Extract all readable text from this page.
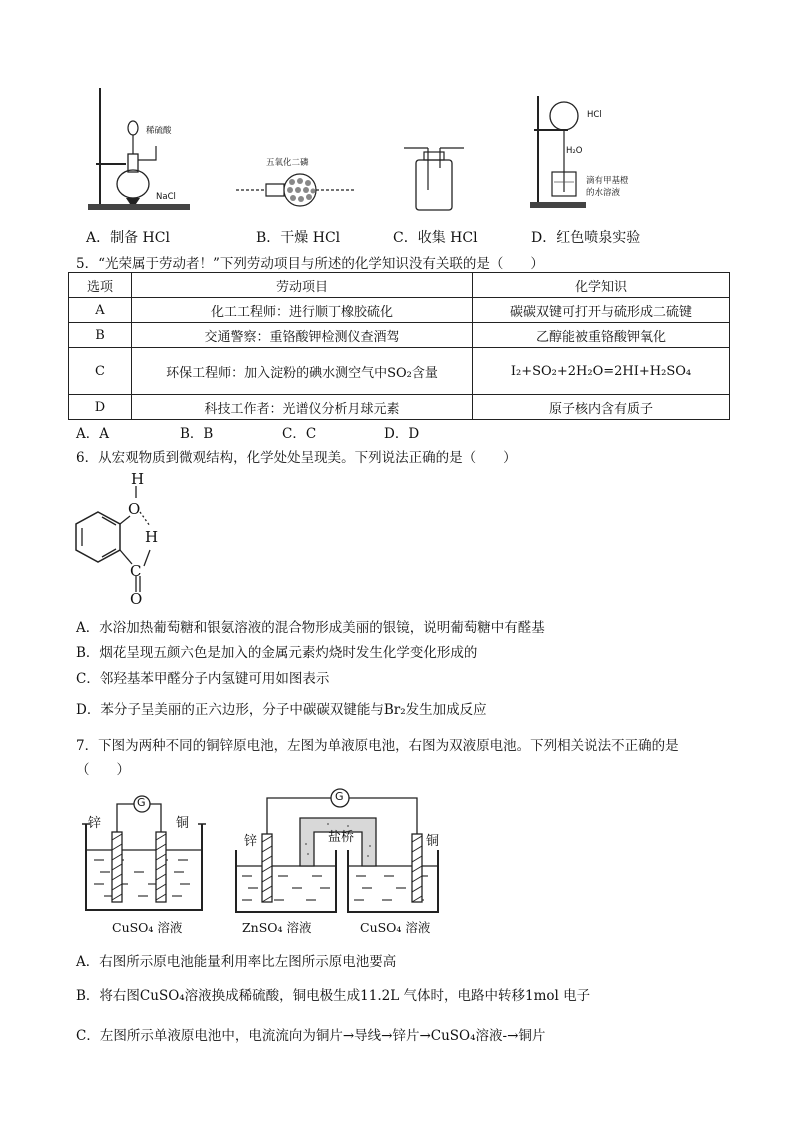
稀硫酸
NaCl
五氧化二磷
HCl
H₂O
滴有甲基橙
的水溶液
A．制备 HCl	B．干燥 HCl	C．收集 HCl	D．红色喷泉实验
5．“光荣属于劳动者！”下列劳动项目与所述的化学知识没有关联的是（　　）
选项	劳动项目	化学知识
A	化工工程师：进行顺丁橡胶硫化	碳碳双键可打开与硫形成二硫键
B	交通警察：重铬酸钾检测仪查酒驾	乙醇能被重铬酸钾氧化
C	环保工程师：加入淀粉的碘水测空气中SO₂含量	I₂+SO₂+2H₂O=2HI+H₂SO₄
D	科技工作者：光谱仪分析月球元素	原子核内含有质子
A．A	B．B	C．C	D．D
6．从宏观物质到微观结构，化学处处呈现美。下列说法正确的是（　　）
H
O
H
C
O
A．水浴加热葡萄糖和银氨溶液的混合物形成美丽的银镜，说明葡萄糖中有醛基
B．烟花呈现五颜六色是加入的金属元素灼烧时发生化学变化形成的
C．邻羟基苯甲醛分子内氢键可用如图表示
D．苯分子呈美丽的正六边形，分子中碳碳双键能与Br₂发生加成反应
7．下图为两种不同的铜锌原电池，左图为单液原电池，右图为双液原电池。下列相关说法不正确的是
（　　）
G	G
锌	铜
锌	铜
盐桥
CuSO₄ 溶液	ZnSO₄ 溶液	CuSO₄ 溶液
A．右图所示原电池能量利用率比左图所示原电池要高
B．将右图CuSO₄溶液换成稀硫酸，铜电极生成11.2L 气体时，电路中转移1mol 电子
C．左图所示单液原电池中，电流流向为铜片→导线→锌片→CuSO₄溶液-→铜片
